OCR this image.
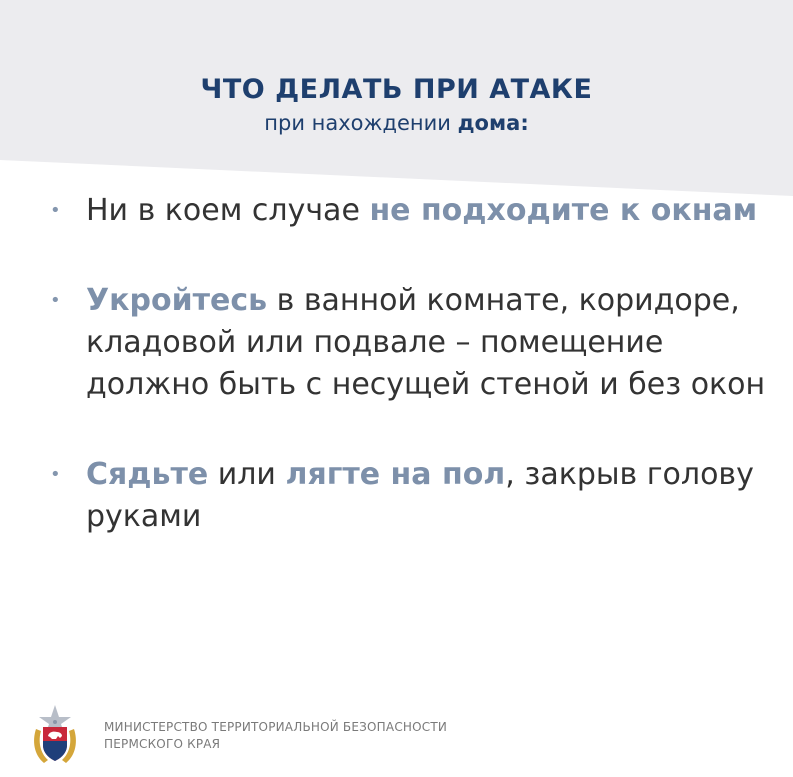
ЧТО ДЕЛАТЬ ПРИ АТАКЕ

при нахождении дома:

• Ни в коем случае не подходите к окнам
• Укройтесь в ванной комнате, коридоре, кладовой или подвале – помещение должно быть с несущей стеной и без окон
• Сядьте или лягте на пол, закрыв голову руками
МИНИСТЕРСТВО ТЕРРИТОРИАЛЬНОЙ БЕЗОПАСНОСТИ
ПЕРМСКОГО КРАЯ
